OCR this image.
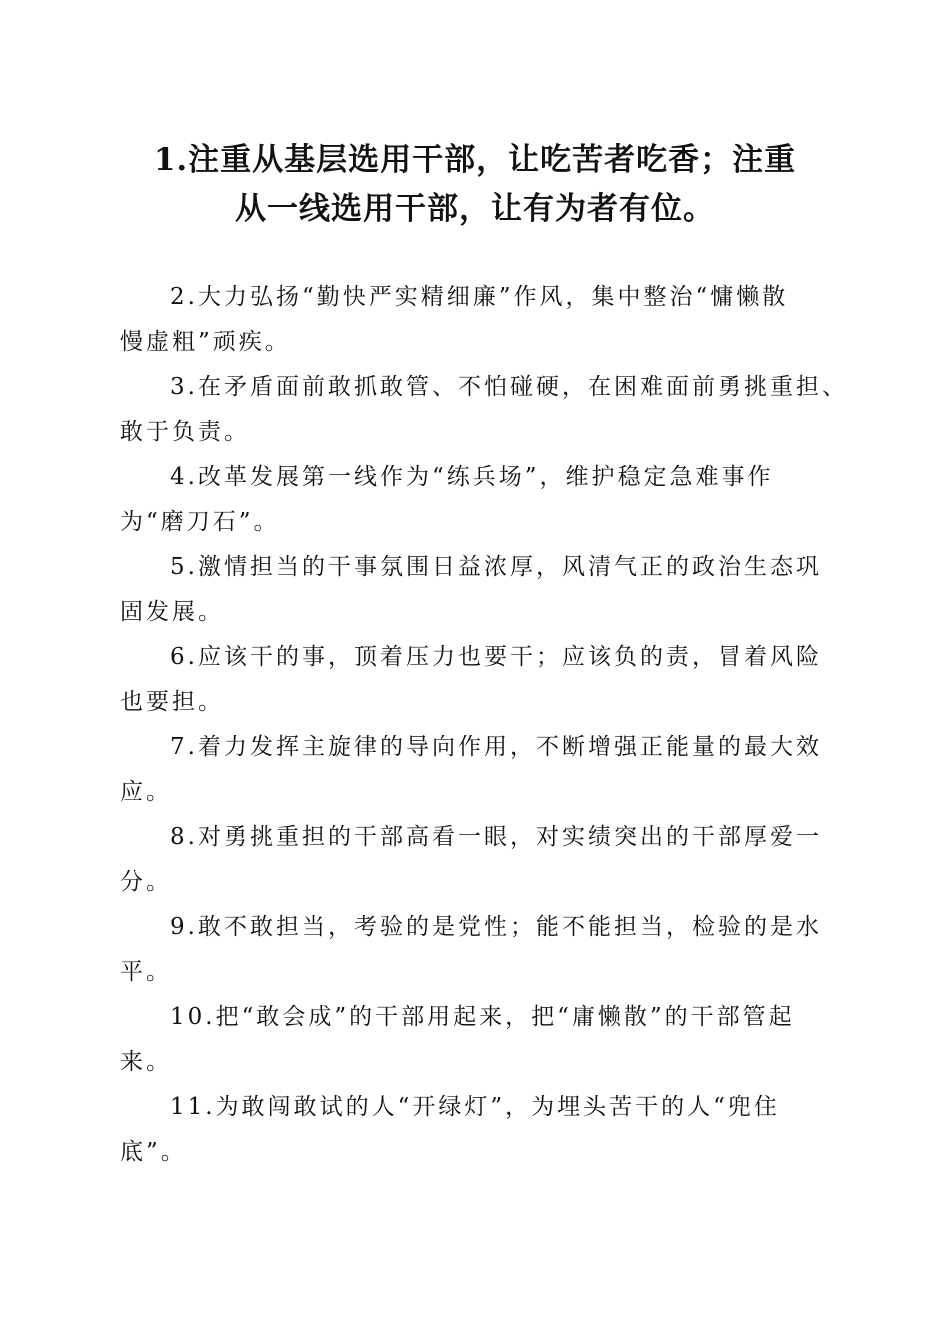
1.注重从基层选用干部，让吃苦者吃香；注重
从一线选用干部，让有为者有位。
2.大力弘扬“勤快严实精细廉”作风，集中整治“慵懒散
慢虚粗”顽疾。
3.在矛盾面前敢抓敢管、不怕碰硬，在困难面前勇挑重担、
敢于负责。
4.改革发展第一线作为“练兵场”，维护稳定急难事作
为“磨刀石”。
5.激情担当的干事氛围日益浓厚，风清气正的政治生态巩
固发展。
6.应该干的事，顶着压力也要干；应该负的责，冒着风险
也要担。
7.着力发挥主旋律的导向作用，不断增强正能量的最大效
应。
8.对勇挑重担的干部高看一眼，对实绩突出的干部厚爱一
分。
9.敢不敢担当，考验的是党性；能不能担当，检验的是水
平。
10.把“敢会成”的干部用起来，把“庸懒散”的干部管起
来。
11.为敢闯敢试的人“开绿灯”，为埋头苦干的人“兜住
底”。
